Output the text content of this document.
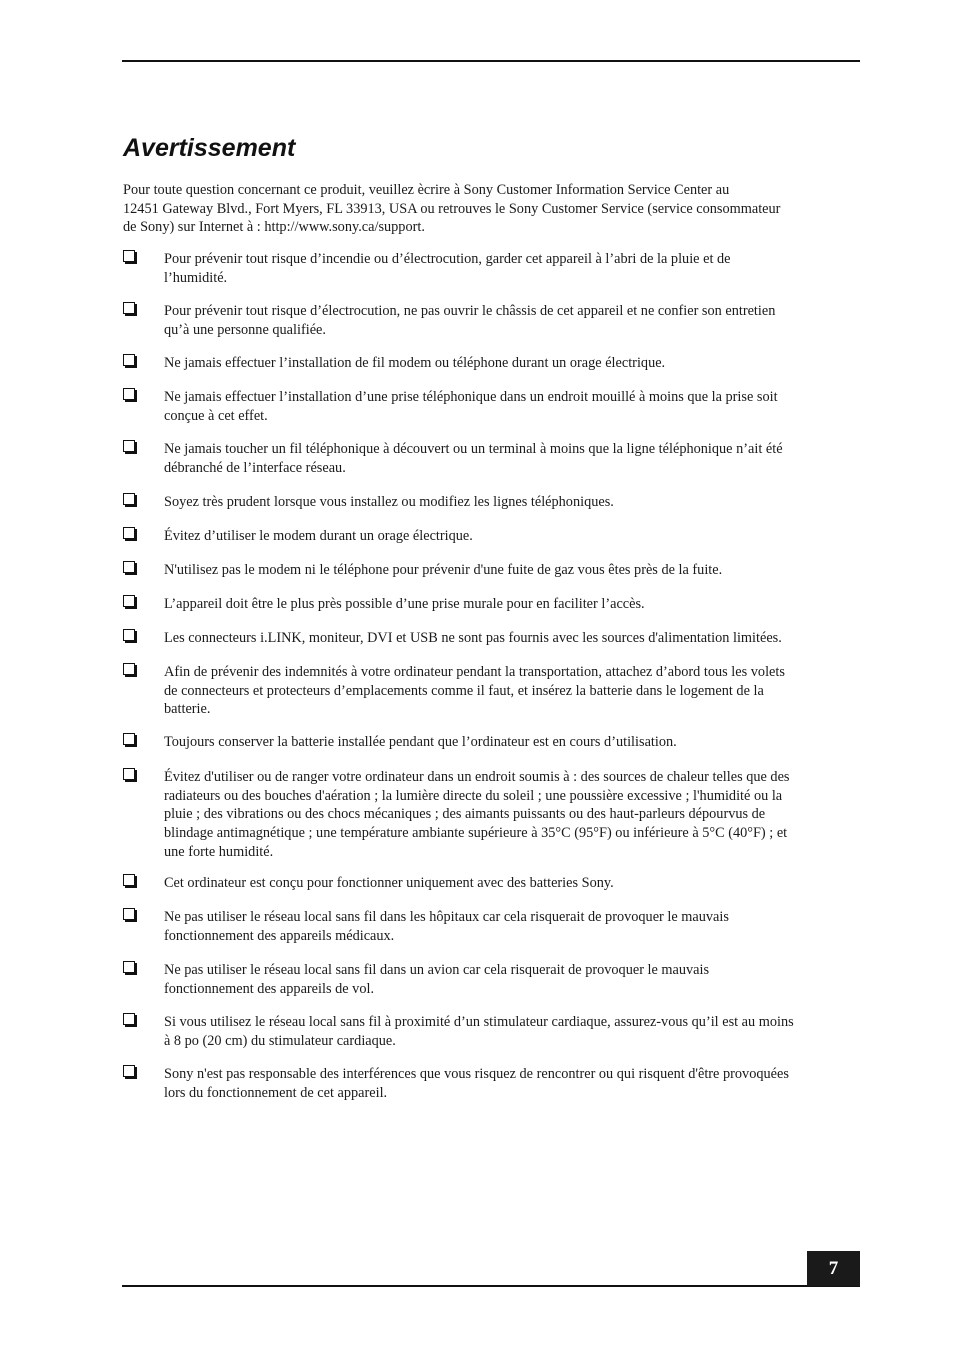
Avertissement

Pour toute question concernant ce produit, veuillez ècrire à Sony Customer Information Service Center au
12451 Gateway Blvd., Fort Myers, FL 33913, USA ou retrouves le Sony Customer Service (service consommateur
de Sony) sur Internet à : http://www.sony.ca/support.

Pour prévenir tout risque d’incendie ou d’électrocution, garder cet appareil à l’abri de la pluie et de
l’humidité.
Pour prévenir tout risque d’électrocution, ne pas ouvrir le châssis de cet appareil et ne confier son entretien
qu’à une personne qualifiée.
Ne jamais effectuer l’installation de fil modem ou téléphone durant un orage électrique.
Ne jamais effectuer l’installation d’une prise téléphonique dans un endroit mouillé à moins que la prise soit
conçue à cet effet.
Ne jamais toucher un fil téléphonique à découvert ou un terminal à moins que la ligne téléphonique n’ait été
débranché de l’interface réseau.
Soyez très prudent lorsque vous installez ou modifiez les lignes téléphoniques.
Évitez d’utiliser le modem durant un orage électrique.
N'utilisez pas le modem ni le téléphone pour prévenir d'une fuite de gaz vous êtes près de la fuite.
L’appareil doit être le plus près possible d’une prise murale pour en faciliter l’accès.
Les connecteurs i.LINK, moniteur, DVI et USB ne sont pas fournis avec les sources d'alimentation limitées.
Afin de prévenir des indemnités à votre ordinateur pendant la transportation, attachez d’abord tous les volets
de connecteurs et protecteurs d’emplacements comme il faut, et insérez la batterie dans le logement de la
batterie.
Toujours conserver la batterie installée pendant que l’ordinateur est en cours d’utilisation.
Évitez d'utiliser ou de ranger votre ordinateur dans un endroit soumis à : des sources de chaleur telles que des
radiateurs ou des bouches d'aération ; la lumière directe du soleil ; une poussière excessive ; l'humidité ou la
pluie ; des vibrations ou des chocs mécaniques ; des aimants puissants ou des haut-parleurs dépourvus de
blindage antimagnétique ; une température ambiante supérieure à 35°C (95°F) ou inférieure à 5°C (40°F) ; et
une forte humidité.
Cet ordinateur est conçu pour fonctionner uniquement avec des batteries Sony.
Ne pas utiliser le réseau local sans fil dans les hôpitaux car cela risquerait de provoquer le mauvais
fonctionnement des appareils médicaux.
Ne pas utiliser le réseau local sans fil dans un avion car cela risquerait de provoquer le mauvais
fonctionnement des appareils de vol.
Si vous utilisez le réseau local sans fil à proximité d’un stimulateur cardiaque, assurez-vous qu’il est au moins
à 8 po (20 cm) du stimulateur cardiaque.
Sony n'est pas responsable des interférences que vous risquez de rencontrer ou qui risquent d'être provoquées
lors du fonctionnement de cet appareil.
7
